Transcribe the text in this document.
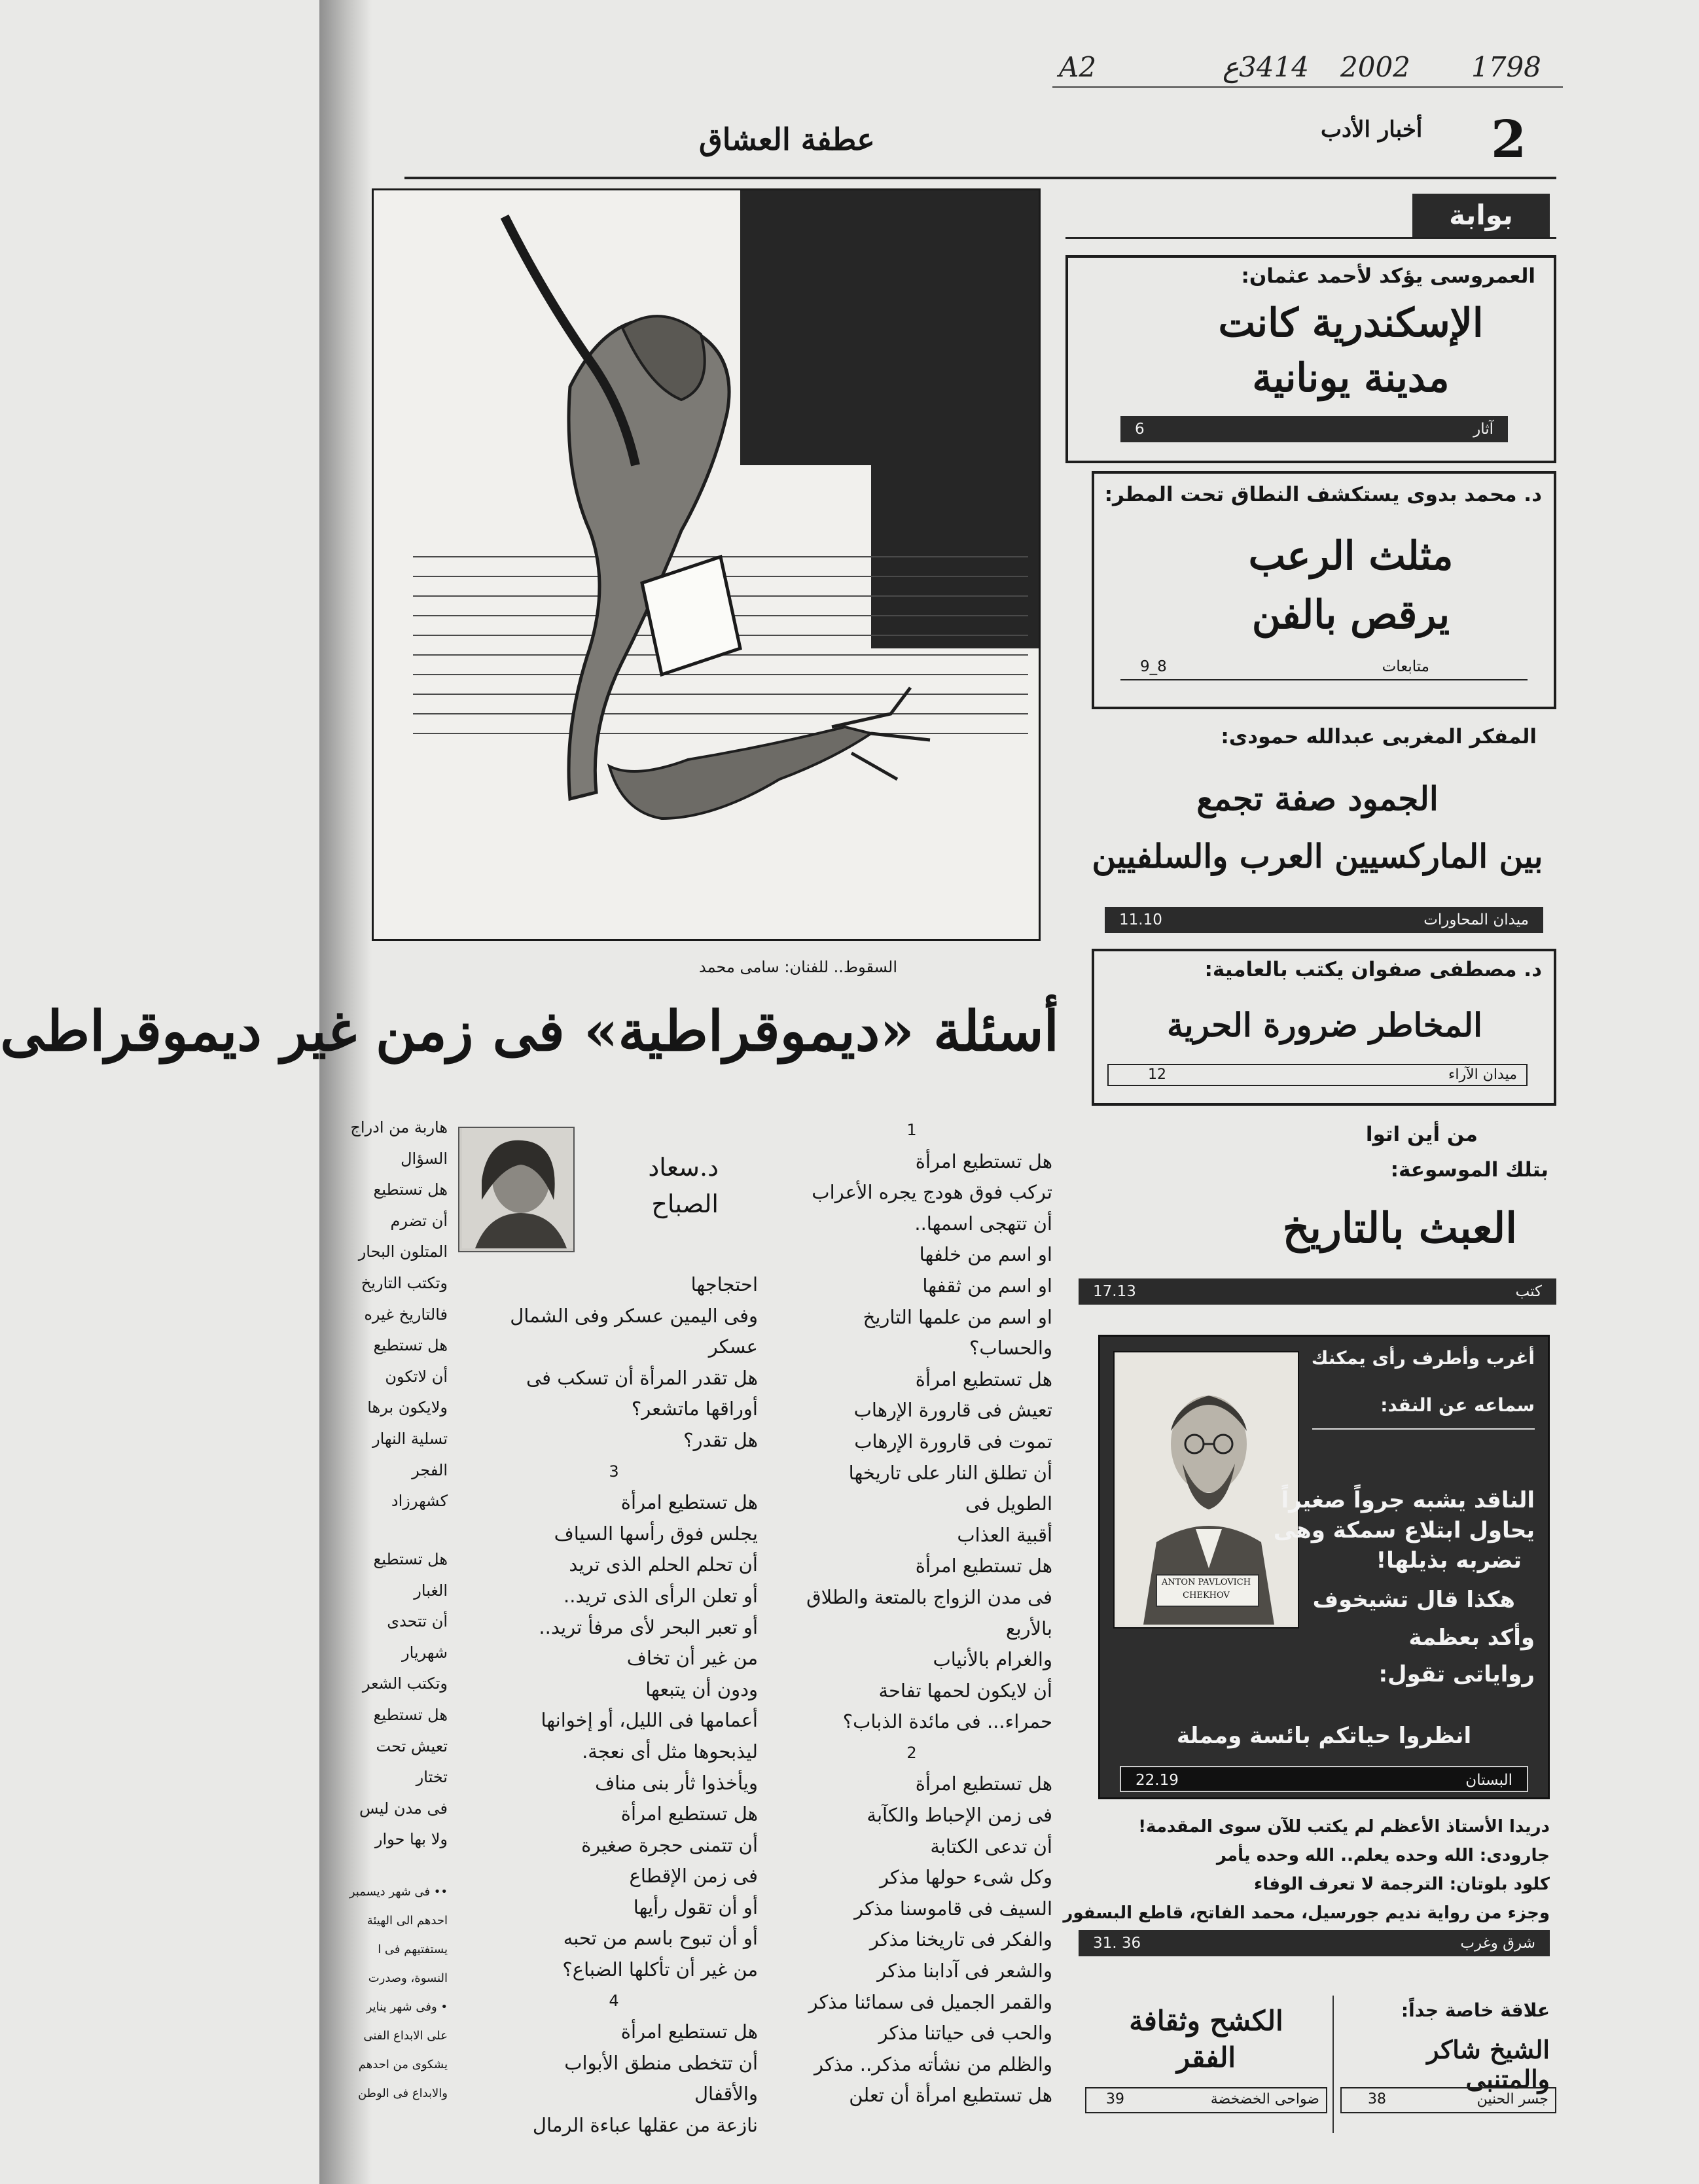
A2	3414ع 2002 1798
2
أخبار الأدب
عطفة العشاق
بوابة
العمروسى يؤكد لأحمد عثمان:
الإسكندرية كانت
مدينة يونانية
آثار
6
د. محمد بدوى يستكشف النطاق تحت المطر:
مثلث الرعب
يرقص بالفن
متابعات
8_9
المفكر المغربى عبدالله حمودى:
الجمود صفة تجمع
بين الماركسيين العرب والسلفيين
ميدان المحاورات
11.10
د. مصطفى صفوان يكتب بالعامية:
المخاطر ضرورة الحرية
ميدان الآراء
12
من أين اتوا
بتلك الموسوعة:
العبث بالتاريخ
كتب
17.13
ANTON PAVLOVICH
CHEKHOV
أغرب وأطرف رأى يمكنك
سماعه عن النقد:
الناقد يشبه جرواً صغيراً
يحاول ابتلاع سمكة وهى
تضربه بذيلها!
هكذا قال تشيخوف
وأكد بعظمة
رواياتى تقول:
انظروا حياتكم بائسة ومملة
البستان
22.19
دريدا الأستاذ الأعظم لم يكتب للآن سوى المقدمة!
جارودى: الله وحده يعلم.. الله وحده يأمر
كلود بلوتان: الترجمة لا تعرف الوفاء
وجزء من رواية نديم جورسيل، محمد الفاتح، قاطع البسفور
شرق وغرب
36 .31
علاقة خاصة جداً:
الشيخ شاكر والمتنبى
جسر الحنين
38
الكشح وثقافة
الفقر
ضواحى الخضخضة
39
السقوط.. للفنان: سامى محمد
أسئلة «ديموقراطية» فى زمن غير ديموقراطى
د.سعاد
الصباح
1
هل تستطيع امرأة
تركب فوق هودج يجره الأعراب
أن تتهجى اسمها..
او اسم من خلفها
او اسم من ثقفها
او اسم من علمها التاريخ
والحساب؟
هل تستطيع امرأة
تعيش فى قارورة الإرهاب
تموت فى قارورة الإرهاب
أن تطلق النار على تاريخها
الطويل فى
أقبية العذاب
هل تستطيع امرأة
فى مدن الزواج بالمتعة والطلاق
بالأربع
والغرام بالأنياب
أن لايكون لحمها تفاحة
حمراء... فى مائدة الذباب؟
2
هل تستطيع امرأة
فى زمن الإحباط والكآبة
أن تدعى الكتابة
وكل شىء حولها مذكر
السيف فى قاموسنا مذكر
والفكر فى تاريخنا مذكر
والشعر فى آدابنا مذكر
والقمر الجميل فى سمائنا مذكر
والحب فى حياتنا مذكر
والظلم من نشأته مذكر.. مذكر
هل تستطيع امرأة أن تعلن
احتجاجها
وفى اليمين عسكر وفى الشمال
عسكر
هل تقدر المرأة أن تسكب فى
أوراقها ماتشعر؟
هل تقدر؟
3
هل تستطيع امرأة
يجلس فوق رأسها السياف
أن تحلم الحلم الذى تريد
أو تعلن الرأى الذى تريد..
أو تعبر البحر لأى مرفأ تريد..
من غير أن تخاف
ودون أن يتبعها
أعمامها فى الليل، أو إخوانها
ليذبحوها مثل أى نعجة.
ويأخذوا ثأر بنى مناف
هل تستطيع امرأة
أن تتمنى حجرة صغيرة
فى زمن الإقطاع
أو أن تقول رأيها
أو أن تبوح باسم من تحبه
من غير أن تأكلها الضباع؟
4
هل تستطيع امرأة
أن تتخطى منطق الأبواب
والأقفال
نازعة من عقلها عباءة الرمال
هاربة من ادراج
السؤال
هل تستطيع
أن تضرم
المتلون البحار
وتكتب التاريخ
فالتاريخ غيره
هل تستطيع
أن لاتكون
ولايكون برها
تسلية النهار
الفجر
كشهرزاد
هل تستطيع
الغبار
أن تتحدى
شهريار
وتكتب الشعر
هل تستطيع
تعيش تحت
تختار
فى مدن ليس
ولا بها حوار
•• فى شهر ديسمبر
احدهم الى الهيئة
يستفتيهم فى ا
النسوة، وصدرت
• وفى شهر يناير
على الابداع الفنى
يشكوى من احدهم
والابداع فى الوطن
